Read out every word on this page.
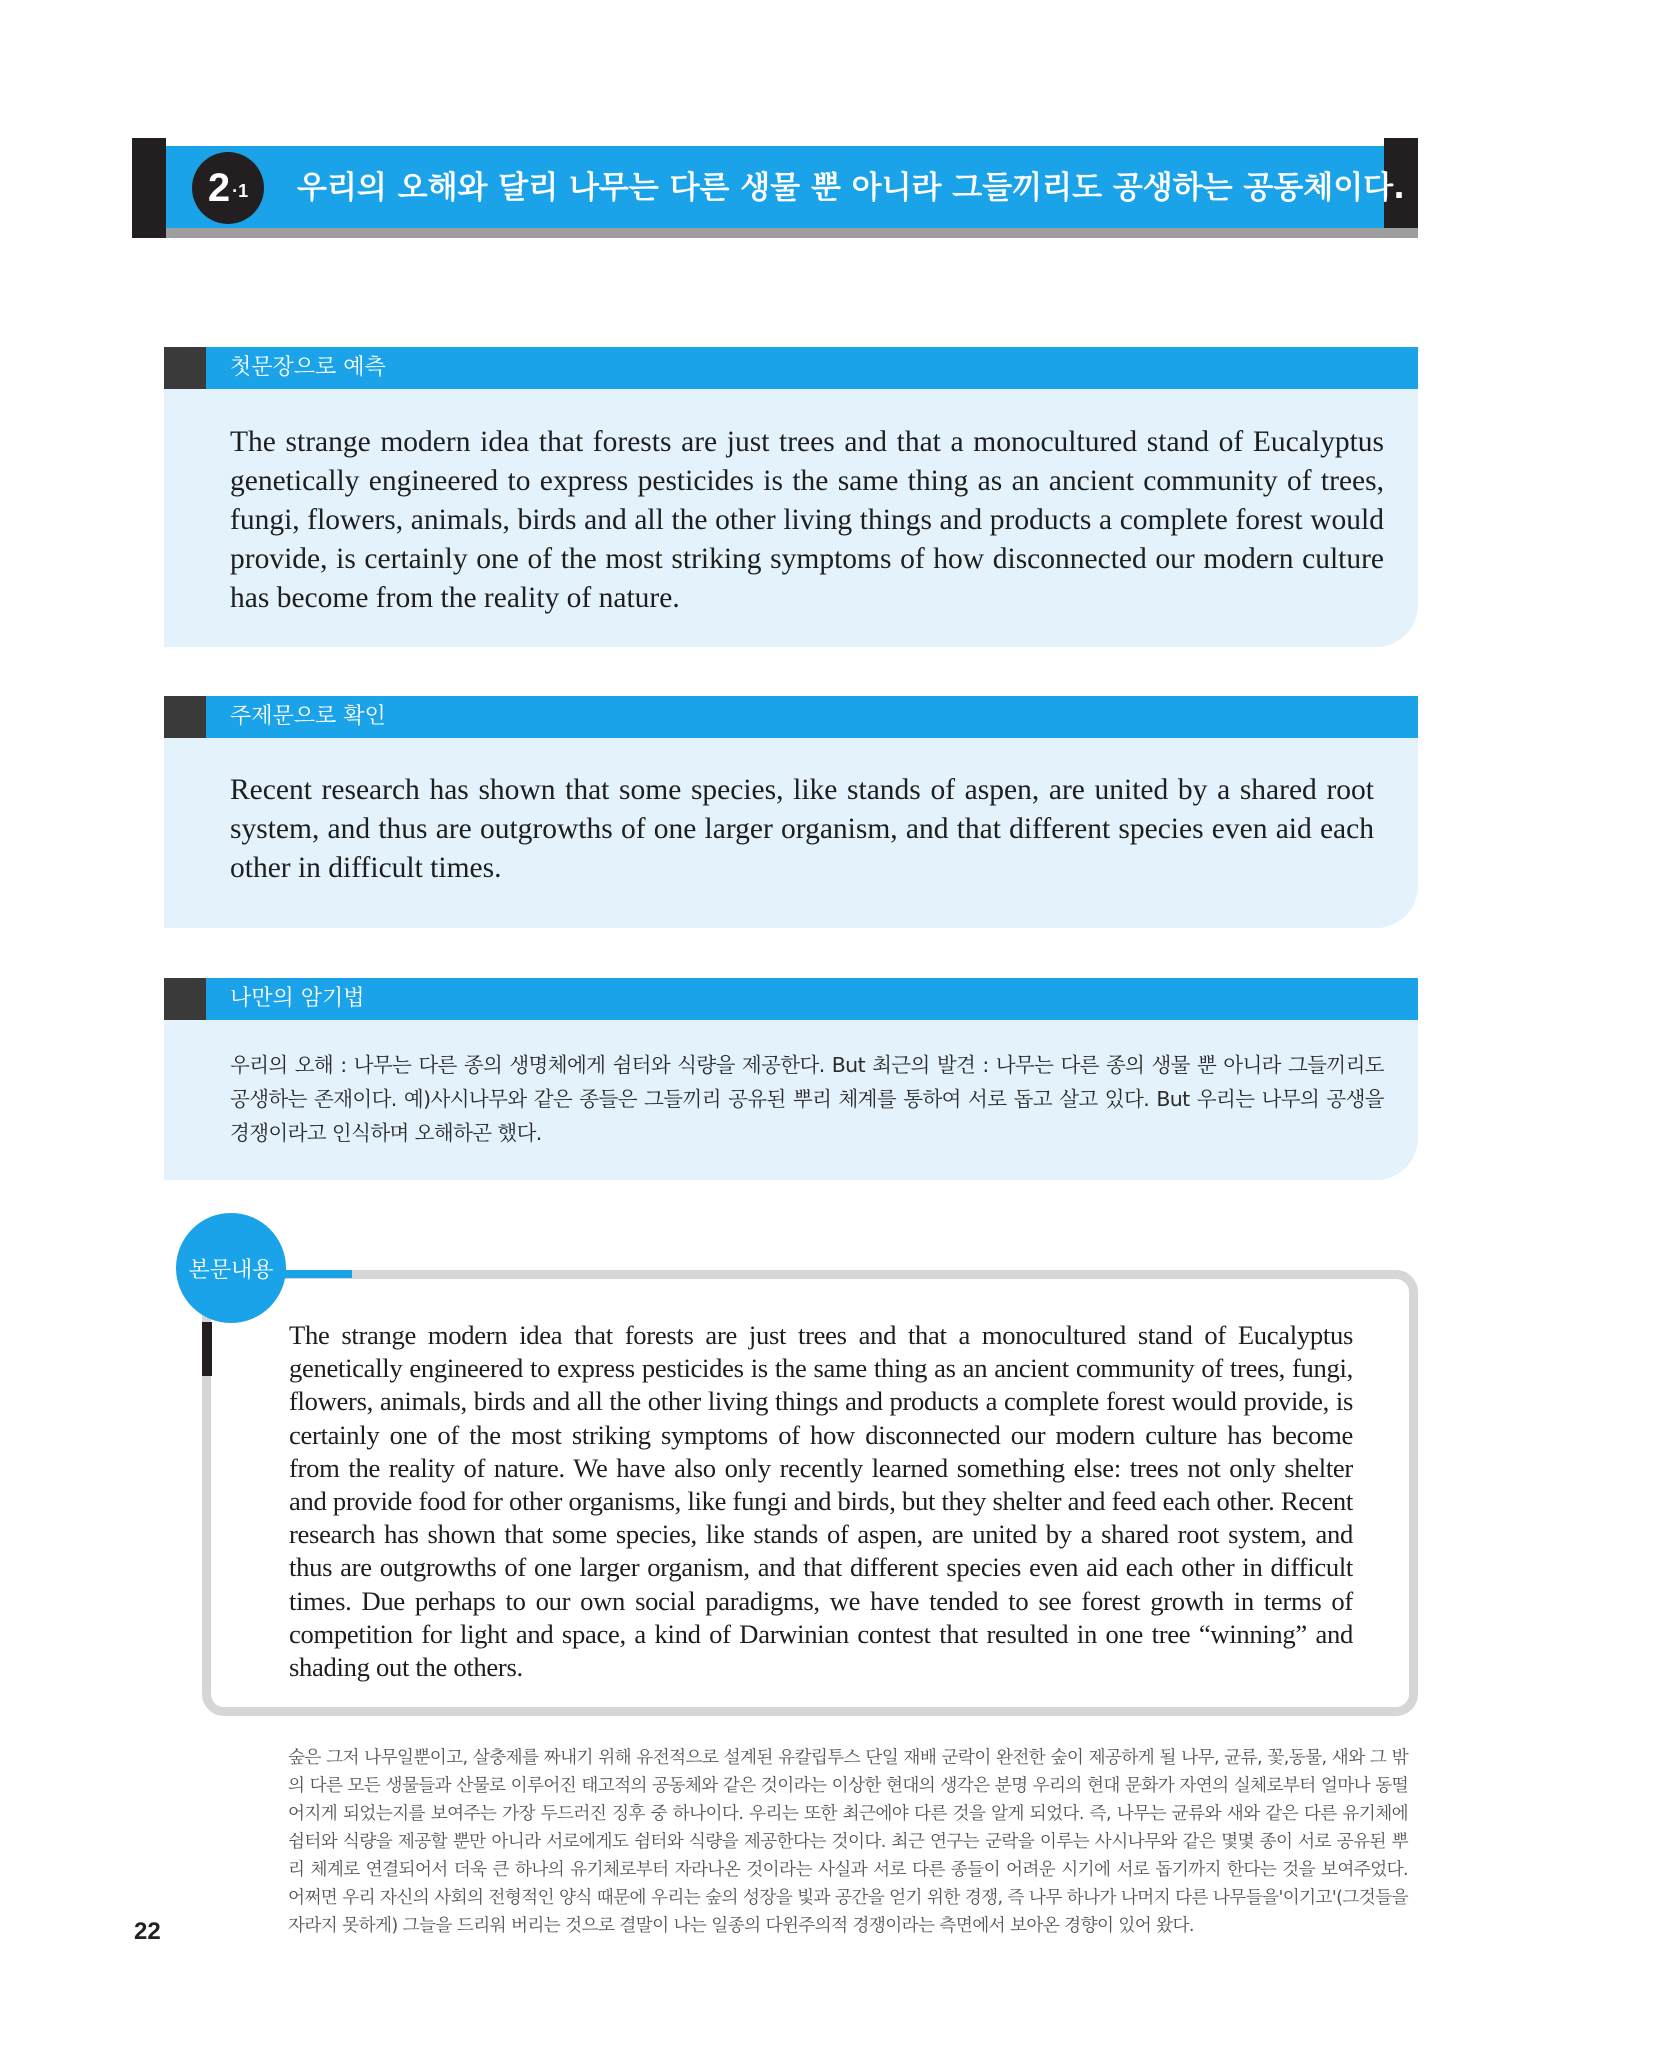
2 ·1 우리의 오해와 달리 나무는 다른 생물 뿐 아니라 그들끼리도 공생하는 공동체이다.
첫문장으로 예측
The strange modern idea that forests are just trees and that a monocultured stand of Eucalyptus genetically engineered to express pesticides is the same thing as an ancient community of trees, fungi, flowers, animals, birds and all the other living things and products a complete forest would provide, is certainly one of the most striking symptoms of how disconnected our modern culture has become from the reality of nature.
주제문으로 확인
Recent research has shown that some species, like stands of aspen, are united by a shared root system, and thus are outgrowths of one larger organism, and that different species even aid each other in difficult times.
나만의 암기법
우리의 오해 : 나무는 다른 종의 생명체에게 쉼터와 식량을 제공한다. But 최근의 발견 : 나무는 다른 종의 생물 뿐 아니라 그들끼리도 공생하는 존재이다. 예)사시나무와 같은 종들은 그들끼리 공유된 뿌리 체계를 통하여 서로 돕고 살고 있다. But 우리는 나무의 공생을 경쟁이라고 인식하며 오해하곤 했다.
본문내용
The strange modern idea that forests are just trees and that a monocultured stand of Eucalyptus genetically engineered to express pesticides is the same thing as an ancient community of trees, fungi, flowers, animals, birds and all the other living things and products a complete forest would provide, is certainly one of the most striking symptoms of how disconnected our modern culture has become from the reality of nature. We have also only recently learned something else: trees not only shelter and provide food for other organisms, like fungi and birds, but they shelter and feed each other. Recent research has shown that some species, like stands of aspen, are united by a shared root system, and thus are outgrowths of one larger organism, and that different species even aid each other in difficult times. Due perhaps to our own social paradigms, we have tended to see forest growth in terms of competition for light and space, a kind of Darwinian contest that resulted in one tree “winning” and shading out the others.
숲은 그저 나무일뿐이고, 살충제를 짜내기 위해 유전적으로 설계된 유칼립투스 단일 재배 군락이 완전한 숲이 제공하게 될 나무, 균류, 꽃,동물, 새와 그 밖의 다른 모든 생물들과 산물로 이루어진 태고적의 공동체와 같은 것이라는 이상한 현대의 생각은 분명 우리의 현대 문화가 자연의 실체로부터 얼마나 동떨어지게 되었는지를 보여주는 가장 두드러진 징후 중 하나이다. 우리는 또한 최근에야 다른 것을 알게 되었다. 즉, 나무는 균류와 새와 같은 다른 유기체에 쉼터와 식량을 제공할 뿐만 아니라 서로에게도 쉼터와 식량을 제공한다는 것이다. 최근 연구는 군락을 이루는 사시나무와 같은 몇몇 종이 서로 공유된 뿌리 체계로 연결되어서 더욱 큰 하나의 유기체로부터 자라나온 것이라는 사실과 서로 다른 종들이 어려운 시기에 서로 돕기까지 한다는 것을 보여주었다. 어쩌면 우리 자신의 사회의 전형적인 양식 때문에 우리는 숲의 성장을 빛과 공간을 얻기 위한 경쟁, 즉 나무 하나가 나머지 다른 나무들을'이기고'(그것들을 자라지 못하게) 그늘을 드리워 버리는 것으로 결말이 나는 일종의 다윈주의적 경쟁이라는 측면에서 보아온 경향이 있어 왔다.
22
